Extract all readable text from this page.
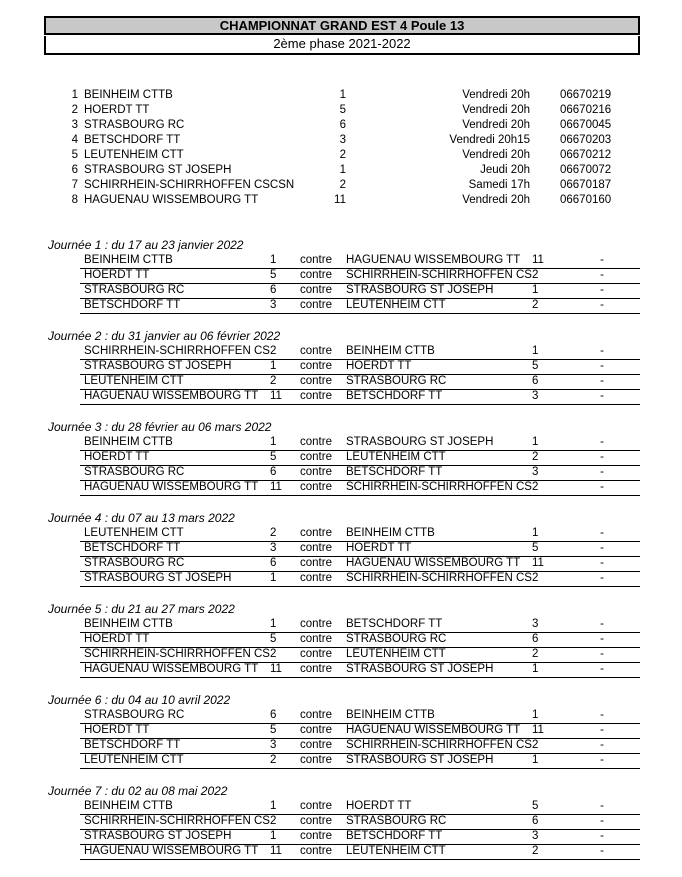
CHAMPIONNAT GRAND EST 4 Poule 13
2ème phase 2021-2022
1 BEINHEIM CTTB	1	Vendredi 20h	06670219
2 HOERDT TT	5	Vendredi 20h	06670216
3 STRASBOURG RC	6	Vendredi 20h	06670045
4 BETSCHDORF TT	3	Vendredi 20h15	06670203
5 LEUTENHEIM CTT	2	Vendredi 20h	06670212
6 STRASBOURG ST JOSEPH	1	Jeudi 20h	06670072
7 SCHIRRHEIN-SCHIRRHOFFEN CSCSN	2	Samedi 17h	06670187
8 HAGUENAU WISSEMBOURG TT	11	Vendredi 20h	06670160
Journée 1 : du 17 au 23 janvier 2022
BEINHEIM CTTB	1	contre	HAGUENAU WISSEMBOURG TT	11	-
HOERDT TT	5	contre	SCHIRRHEIN-SCHIRRHOFFEN CS 2	-
STRASBOURG RC	6	contre	STRASBOURG ST JOSEPH	1	-
BETSCHDORF TT	3	contre	LEUTENHEIM CTT	2	-
Journée 2 : du 31 janvier au 06 février 2022
SCHIRRHEIN-SCHIRRHOFFEN CS 2	contre	BEINHEIM CTTB	1	-
STRASBOURG ST JOSEPH	1	contre	HOERDT TT	5	-
LEUTENHEIM CTT	2	contre	STRASBOURG RC	6	-
HAGUENAU WISSEMBOURG TT	11 contre	BETSCHDORF TT	3	-
Journée 3 : du 28 février au 06 mars 2022
BEINHEIM CTTB	1	contre	STRASBOURG ST JOSEPH	1	-
HOERDT TT	5	contre	LEUTENHEIM CTT	2	-
STRASBOURG RC	6	contre	BETSCHDORF TT	3	-
HAGUENAU WISSEMBOURG TT	11 contre	SCHIRRHEIN-SCHIRRHOFFEN CS 2	-
Journée 4 : du 07 au 13 mars 2022
LEUTENHEIM CTT	2	contre	BEINHEIM CTTB	1	-
BETSCHDORF TT	3	contre	HOERDT TT	5	-
STRASBOURG RC	6	contre	HAGUENAU WISSEMBOURG TT	11	-
STRASBOURG ST JOSEPH	1	contre	SCHIRRHEIN-SCHIRRHOFFEN CS 2	-
Journée 5 : du 21 au 27 mars 2022
BEINHEIM CTTB	1	contre	BETSCHDORF TT	3	-
HOERDT TT	5	contre	STRASBOURG RC	6	-
SCHIRRHEIN-SCHIRRHOFFEN CS 2	contre	LEUTENHEIM CTT	2	-
HAGUENAU WISSEMBOURG TT	11 contre	STRASBOURG ST JOSEPH	1	-
Journée 6 : du 04 au 10 avril 2022
STRASBOURG RC	6	contre	BEINHEIM CTTB	1	-
HOERDT TT	5	contre	HAGUENAU WISSEMBOURG TT	11	-
BETSCHDORF TT	3	contre	SCHIRRHEIN-SCHIRRHOFFEN CS 2	-
LEUTENHEIM CTT	2	contre	STRASBOURG ST JOSEPH	1	-
Journée 7 : du 02 au 08 mai 2022
BEINHEIM CTTB	1	contre	HOERDT TT	5	-
SCHIRRHEIN-SCHIRRHOFFEN CS 2	contre	STRASBOURG RC	6	-
STRASBOURG ST JOSEPH	1	contre	BETSCHDORF TT	3	-
HAGUENAU WISSEMBOURG TT	11 contre	LEUTENHEIM CTT	2	-
